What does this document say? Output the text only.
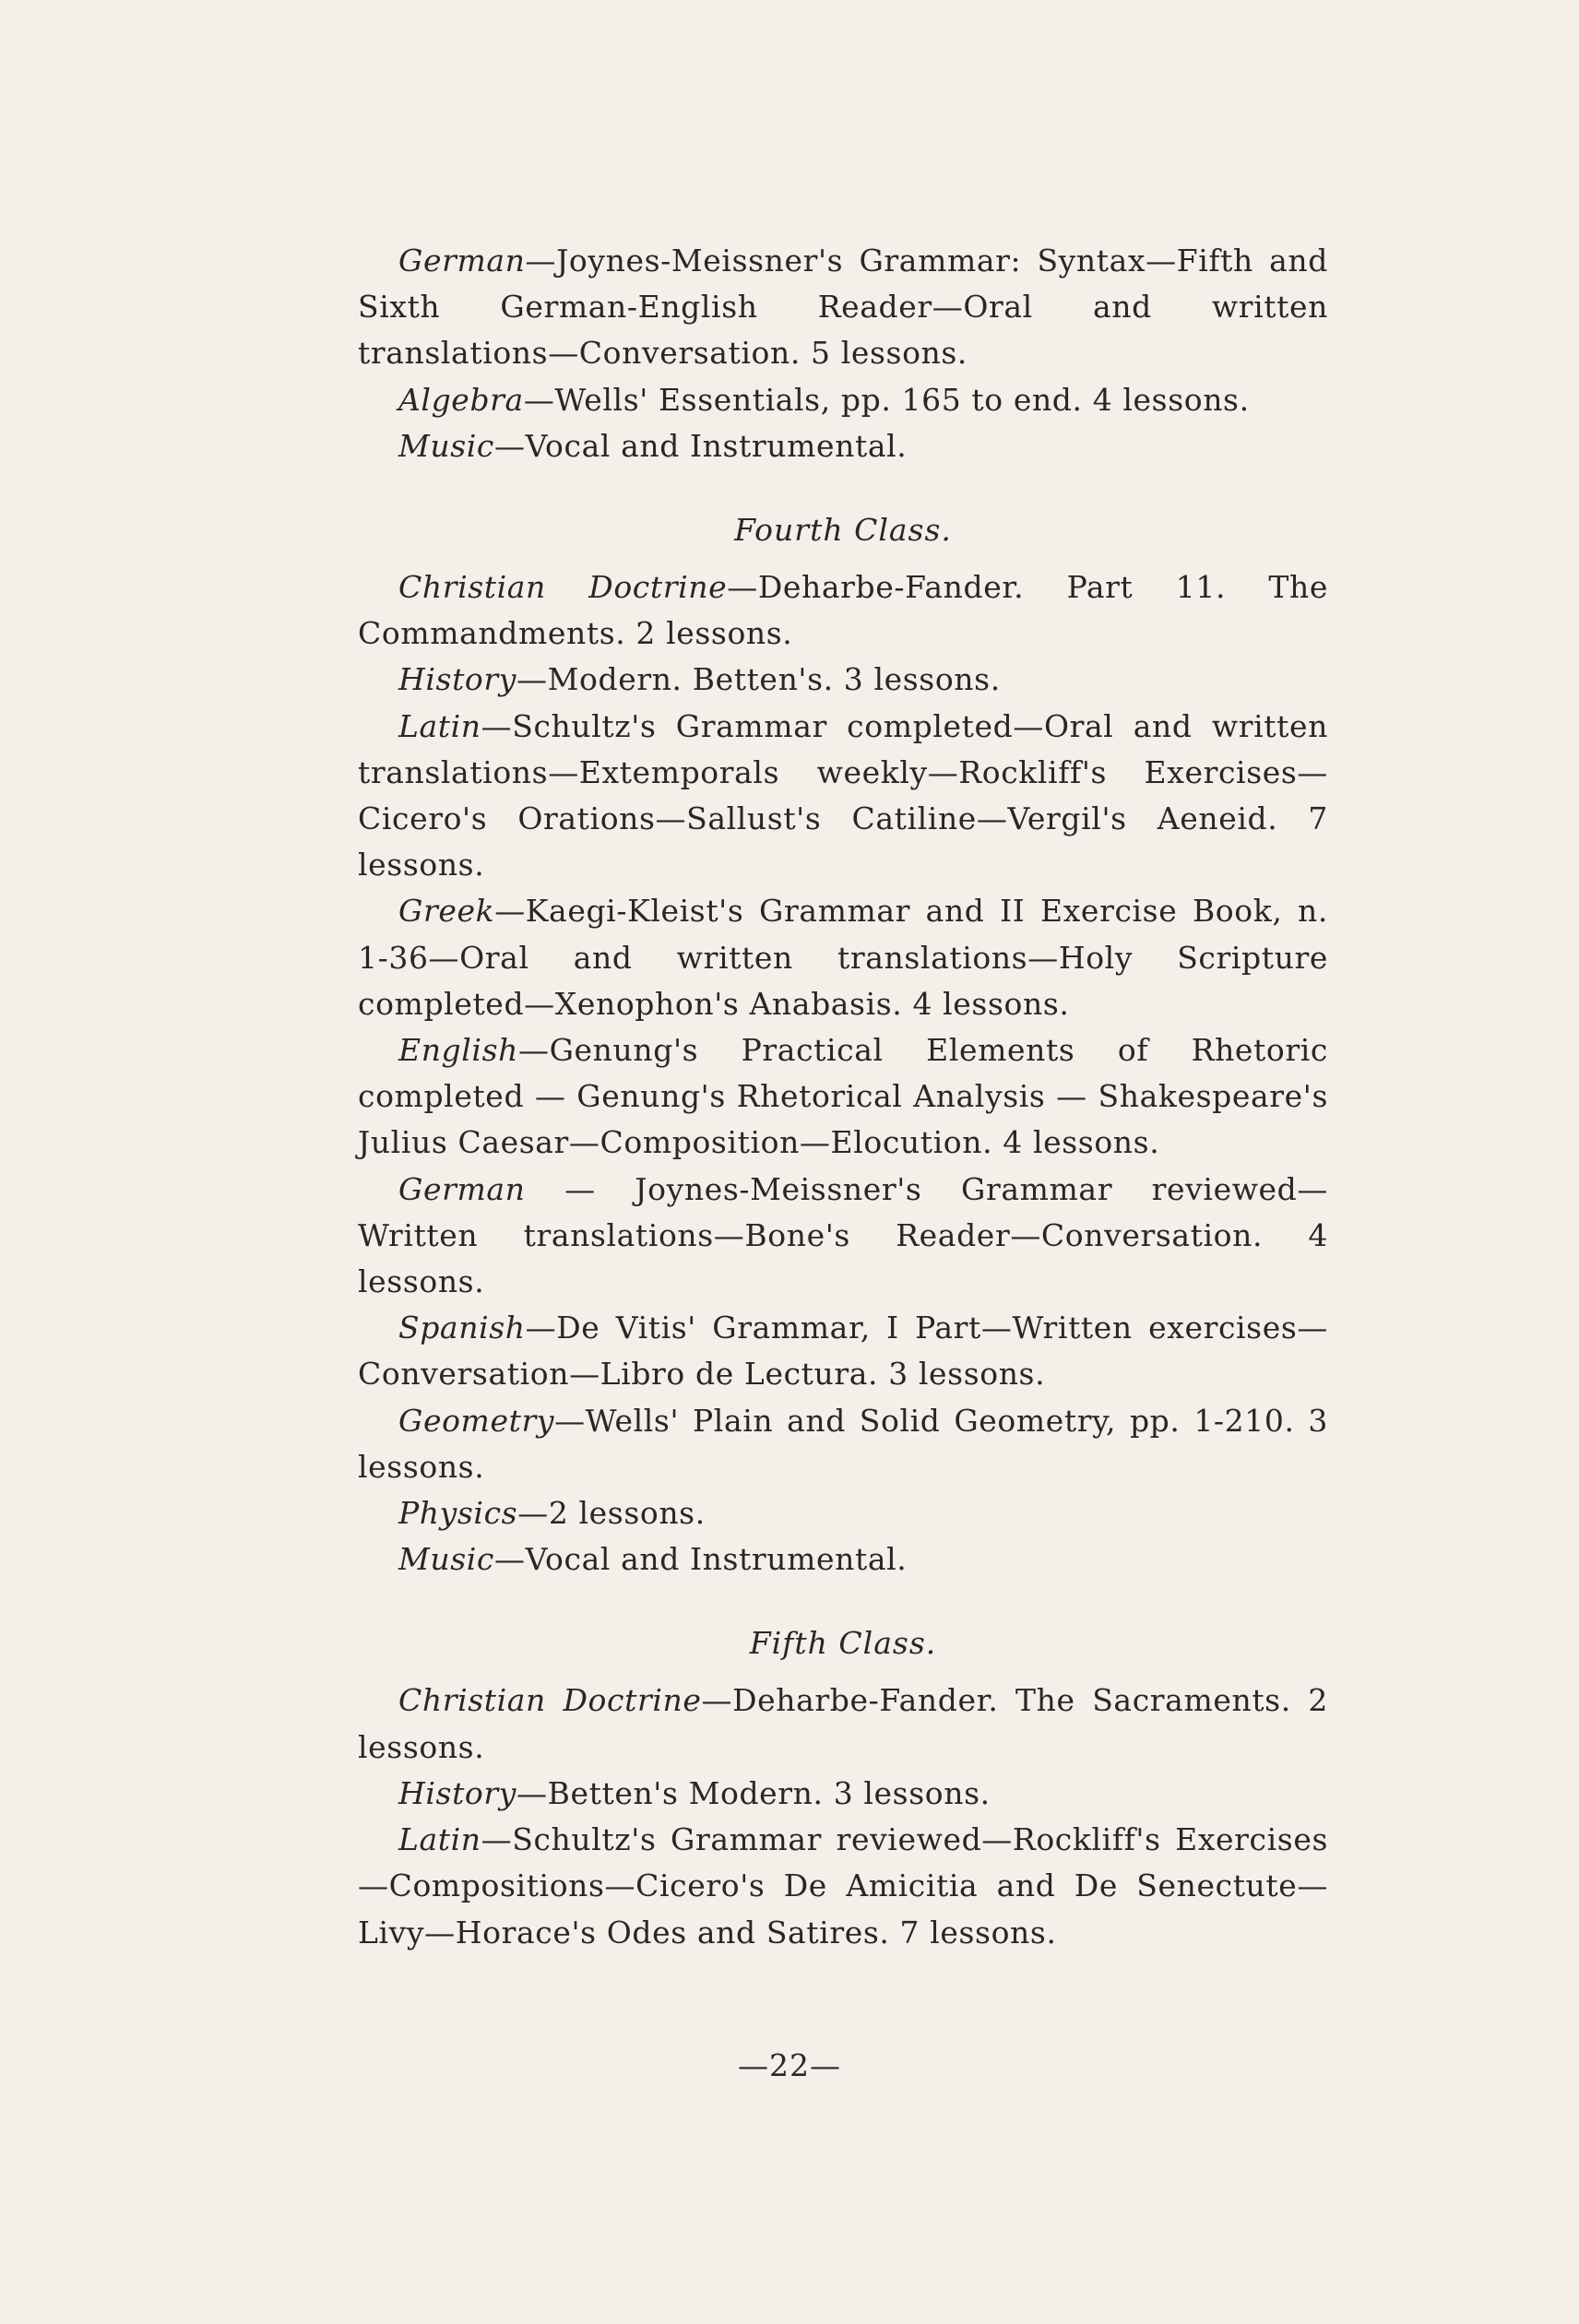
German—Joynes-Meissner's Grammar: Syntax—Fifth and Sixth German-English Reader—Oral and written translations—Conversation. 5 lessons.

Algebra—Wells' Essentials, pp. 165 to end. 4 lessons.

Music—Vocal and Instrumental.

Fourth Class.

Christian Doctrine—Deharbe-Fander. Part 11. The Commandments. 2 lessons.

History—Modern. Betten's. 3 lessons.

Latin—Schultz's Grammar completed—Oral and written translations—Extemporals weekly—Rockliff's Exercises—Cicero's Orations—Sallust's Catiline—Vergil's Aeneid. 7 lessons.

Greek—Kaegi-Kleist's Grammar and II Exercise Book, n. 1-36—Oral and written translations—Holy Scripture completed—Xenophon's Anabasis. 4 lessons.

English—Genung's Practical Elements of Rhetoric completed — Genung's Rhetorical Analysis — Shakespeare's Julius Caesar—Composition—Elocution. 4 lessons.

German — Joynes-Meissner's Grammar reviewed—Written translations—Bone's Reader—Conversation. 4 lessons.

Spanish—De Vitis' Grammar, I Part—Written exercises—Conversation—Libro de Lectura. 3 lessons.

Geometry—Wells' Plain and Solid Geometry, pp. 1-210. 3 lessons.

Physics—2 lessons.

Music—Vocal and Instrumental.

Fifth Class.

Christian Doctrine—Deharbe-Fander. The Sacraments. 2 lessons.

History—Betten's Modern. 3 lessons.

Latin—Schultz's Grammar reviewed—Rockliff's Exercises—Compositions—Cicero's De Amicitia and De Senectute—Livy—Horace's Odes and Satires. 7 lessons.

—22—
